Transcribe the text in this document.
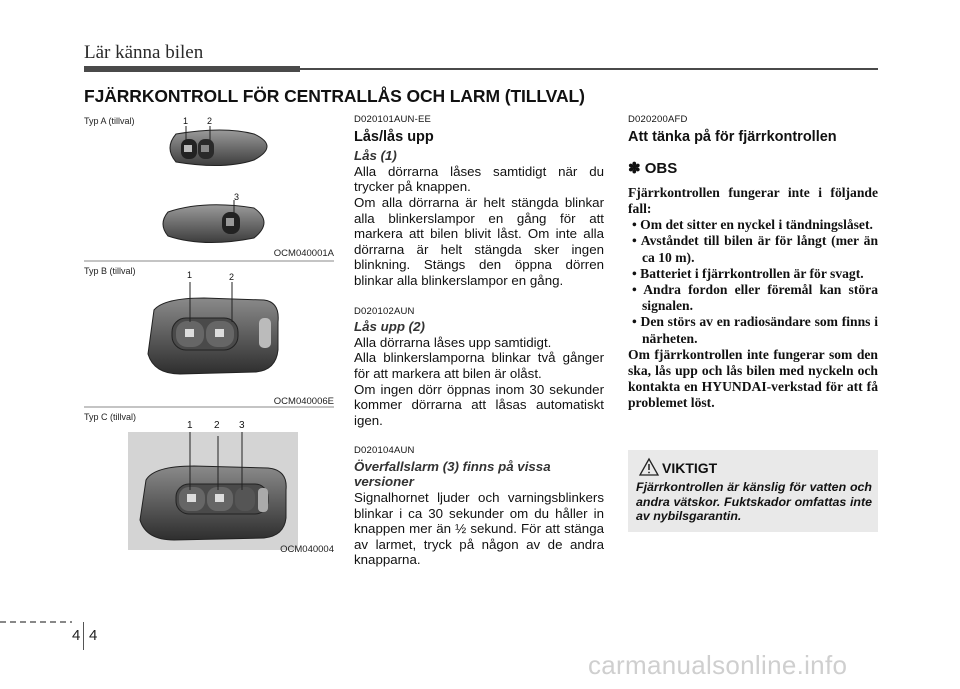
Lär känna bilen
FJÄRRKONTROLL FÖR CENTRALLÅS OCH LARM (TILLVAL)
Typ A (tillval)	1 2
3
OCM040001A
Typ B (tillval)	1	2
OCM040006E
Typ C (tillval)
1 2 3
OCM040004
D020101AUN-EE
Lås/lås upp
Lås (1)

Alla dörrarna låses samtidigt när du trycker på knappen.

Om alla dörrarna är helt stängda blinkar alla blinkerslampor en gång för att markera att bilen blivit låst. Om inte alla dörrarna är helt stängda sker ingen blinkning. Stängs den öppna dörren blinkar alla blinkerslampor en gång.

D020102AUN
Lås upp (2)

Alla dörrarna låses upp samtidigt.

Alla blinkerslamporna blinkar två gånger för att markera att bilen är olåst.

Om ingen dörr öppnas inom 30 sekunder kommer dörrarna att låsas automatiskt igen.

D020104AUN
Överfallslarm (3) finns på vissa versioner

Signalhornet ljuder och varningsblinkers blinkar i ca 30 sekunder om du håller in knappen mer än ½ sekund. För att stänga av larmet, tryck på någon av de andra knapparna.

D020200AFD
Att tänka på för fjärrkontrollen
✽ OBS

Fjärrkontrollen fungerar inte i följande fall:

• Om det sitter en nyckel i tändningslåset.

• Avståndet till bilen är för långt (mer än ca 10 m).

• Batteriet i fjärrkontrollen är för svagt.

• Andra fordon eller föremål kan störa signalen.

• Den störs av en radiosändare som finns i närheten.

Om fjärrkontrollen inte fungerar som den ska, lås upp och lås bilen med nyckeln och kontakta en HYUNDAI-verkstad för att få problemet löst.

VIKTIGT
Fjärrkontrollen är känslig för vatten och andra vätskor. Fuktskador omfattas inte av nybilsgarantin.
4 4
carmanualsonline.info
